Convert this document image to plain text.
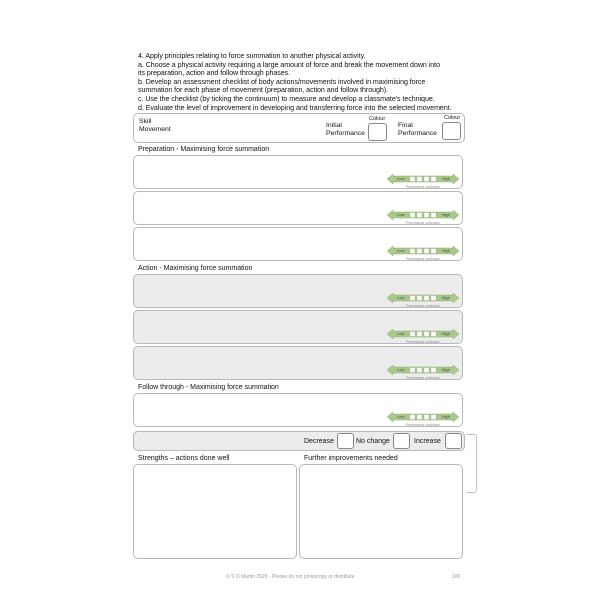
4. Apply principles relating to force summation to another physical activity.
a. Choose a physical activity requiring a large amount of force and break the movement down into
its preparation, action and follow through phases.
b. Develop an assessment checklist of body actions/movements involved in maximising force
summation for each phase of movement (preparation, action and follow through).
c. Use the checklist (by ticking the continuum) to measure and develop a classmate's technique.
d. Evaluate the level of improvement in developing and transferring force into the selected movement.
Skill
Movement
Initial
Performance
Colour
Final
Performance
Colour
Preparation - Maximising force summation
Low	High
Performance continuum
Low	High
Performance continuum
Low	High
Performance continuum
Action - Maximising force summation
Low	High
Performance continuum
Low	High
Performance continuum
Low	High
Performance continuum
Follow through - Maximising force summation
Low	High
Performance continuum
Decrease	No change	Increase
Strengths – actions done well	Further improvements needed
© S O Martin 2026 - Please do not photocopy or distribute	100
